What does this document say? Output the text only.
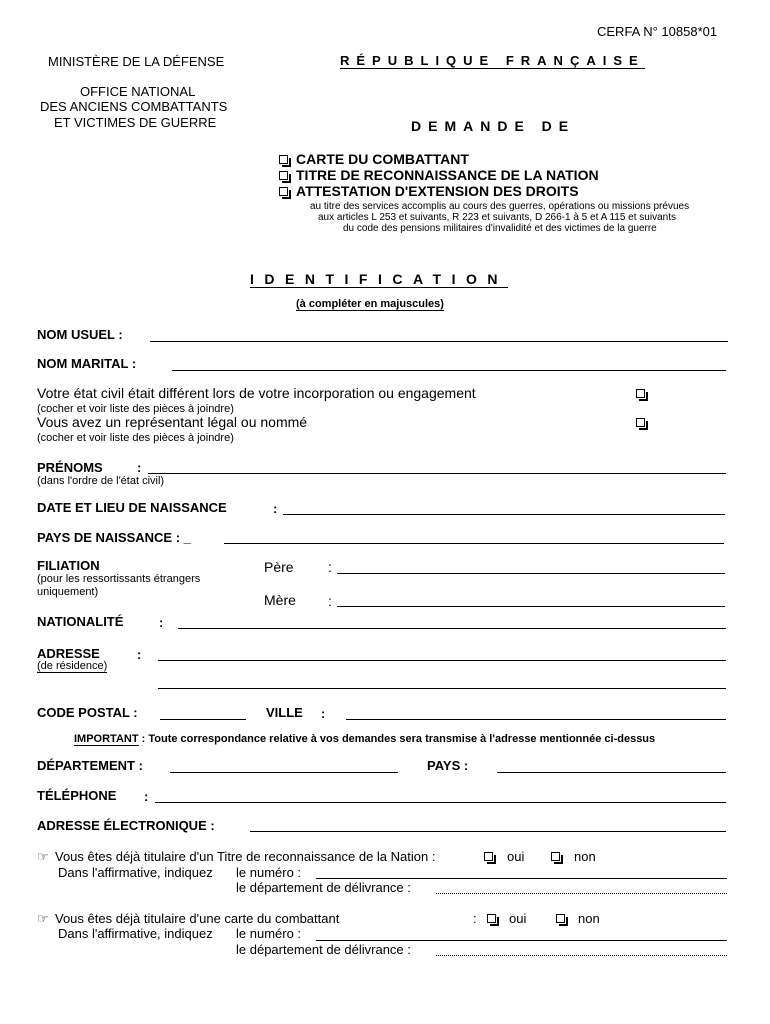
CERFA N° 10858*01
MINISTÈRE DE LA DÉFENSE	RÉPUBLIQUE FRANÇAISE
OFFICE NATIONAL
DES ANCIENS COMBATTANTS
ET VICTIMES DE GUERRE	DEMANDE DE
CARTE DU COMBATTANT
TITRE DE RECONNAISSANCE DE LA NATION
ATTESTATION D'EXTENSION DES DROITS
au titre des services accomplis au cours des guerres, opérations ou missions prévues
aux articles L 253 et suivants, R 223 et suivants, D 266-1 à 5 et A 115 et suivants
du code des pensions militaires d'invalidité et des victimes de la guerre
IDENTIFICATION
(à compléter en majuscules)
NOM USUEL :
NOM MARITAL :
Votre état civil était différent lors de votre incorporation ou engagement
(cocher et voir liste des pièces à joindre)
Vous avez un représentant légal ou nommé
(cocher et voir liste des pièces à joindre)
PRÉNOMS	:
(dans l'ordre de l'état civil)
DATE ET LIEU DE NAISSANCE	:
PAYS DE NAISSANCE : _
FILIATION
(pour les ressortissants étrangers
uniquement)
Père :
Mère :
NATIONALITÉ	:
ADRESSE	:
(de résidence)
CODE POSTAL :	VILLE :
IMPORTANT : Toute correspondance relative à vos demandes sera transmise à l'adresse mentionnée ci-dessus
DÉPARTEMENT :	PAYS :
TÉLÉPHONE :
ADRESSE ÉLECTRONIQUE :
☞ Vous êtes déjà titulaire d'un Titre de reconnaissance de la Nation :	oui	non
Dans l'affirmative, indiquez le numéro :
le département de délivrance :
☞ Vous êtes déjà titulaire d'une carte du combattant	: oui	non
Dans l'affirmative, indiquez le numéro :
le département de délivrance :
